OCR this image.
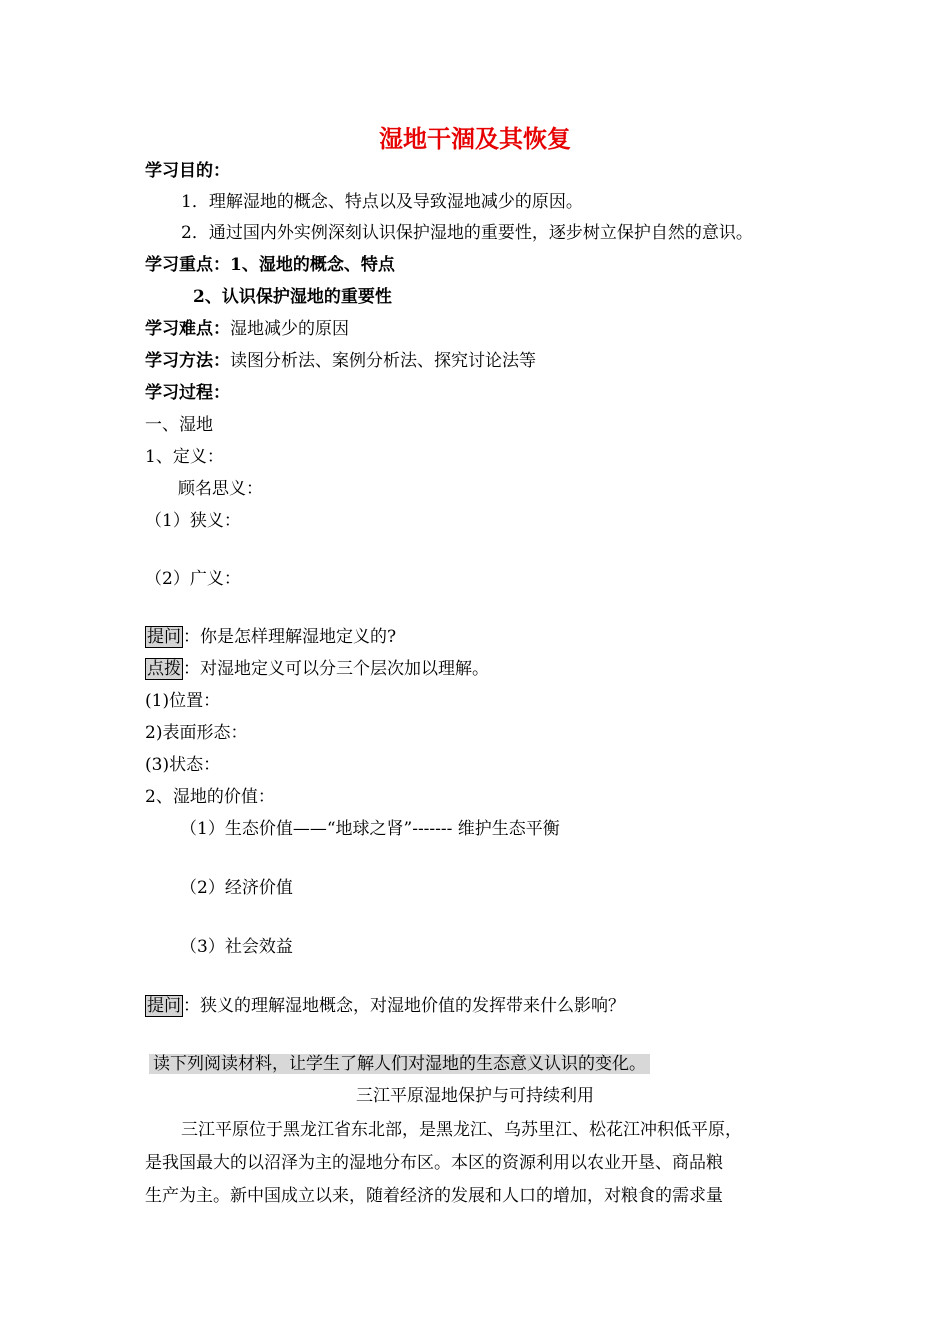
湿地干涸及其恢复
学习目的：
1．理解湿地的概念、特点以及导致湿地减少的原因。
2．通过国内外实例深刻认识保护湿地的重要性，逐步树立保护自然的意识。
学习重点：1、湿地的概念、特点
2、认识保护湿地的重要性
学习难点：湿地减少的原因
学习方法：读图分析法、案例分析法、探究讨论法等
学习过程：
一、湿地
1、定义：
顾名思义：
（1）狭义：
（2）广义：
提问 ：你是怎样理解湿地定义的?
点拨 ：对湿地定义可以分三个层次加以理解。
(1)位置：
2)表面形态：
(3)状态：
2、湿地的价值：
（1）生态价值——“地球之肾”------- 维护生态平衡
（2）经济价值
（3）社会效益
提问 ：狭义的理解湿地概念，对湿地价值的发挥带来什么影响？
读下列阅读材料，让学生了解人们对湿地的生态意义认识的变化。
三江平原湿地保护与可持续利用
三江平原位于黑龙江省东北部，是黑龙江、乌苏里江、松花江冲积低平原，
是我国最大的以沼泽为主的湿地分布区。本区的资源利用以农业开垦、商品粮
生产为主。新中国成立以来，随着经济的发展和人口的增加，对粮食的需求量
